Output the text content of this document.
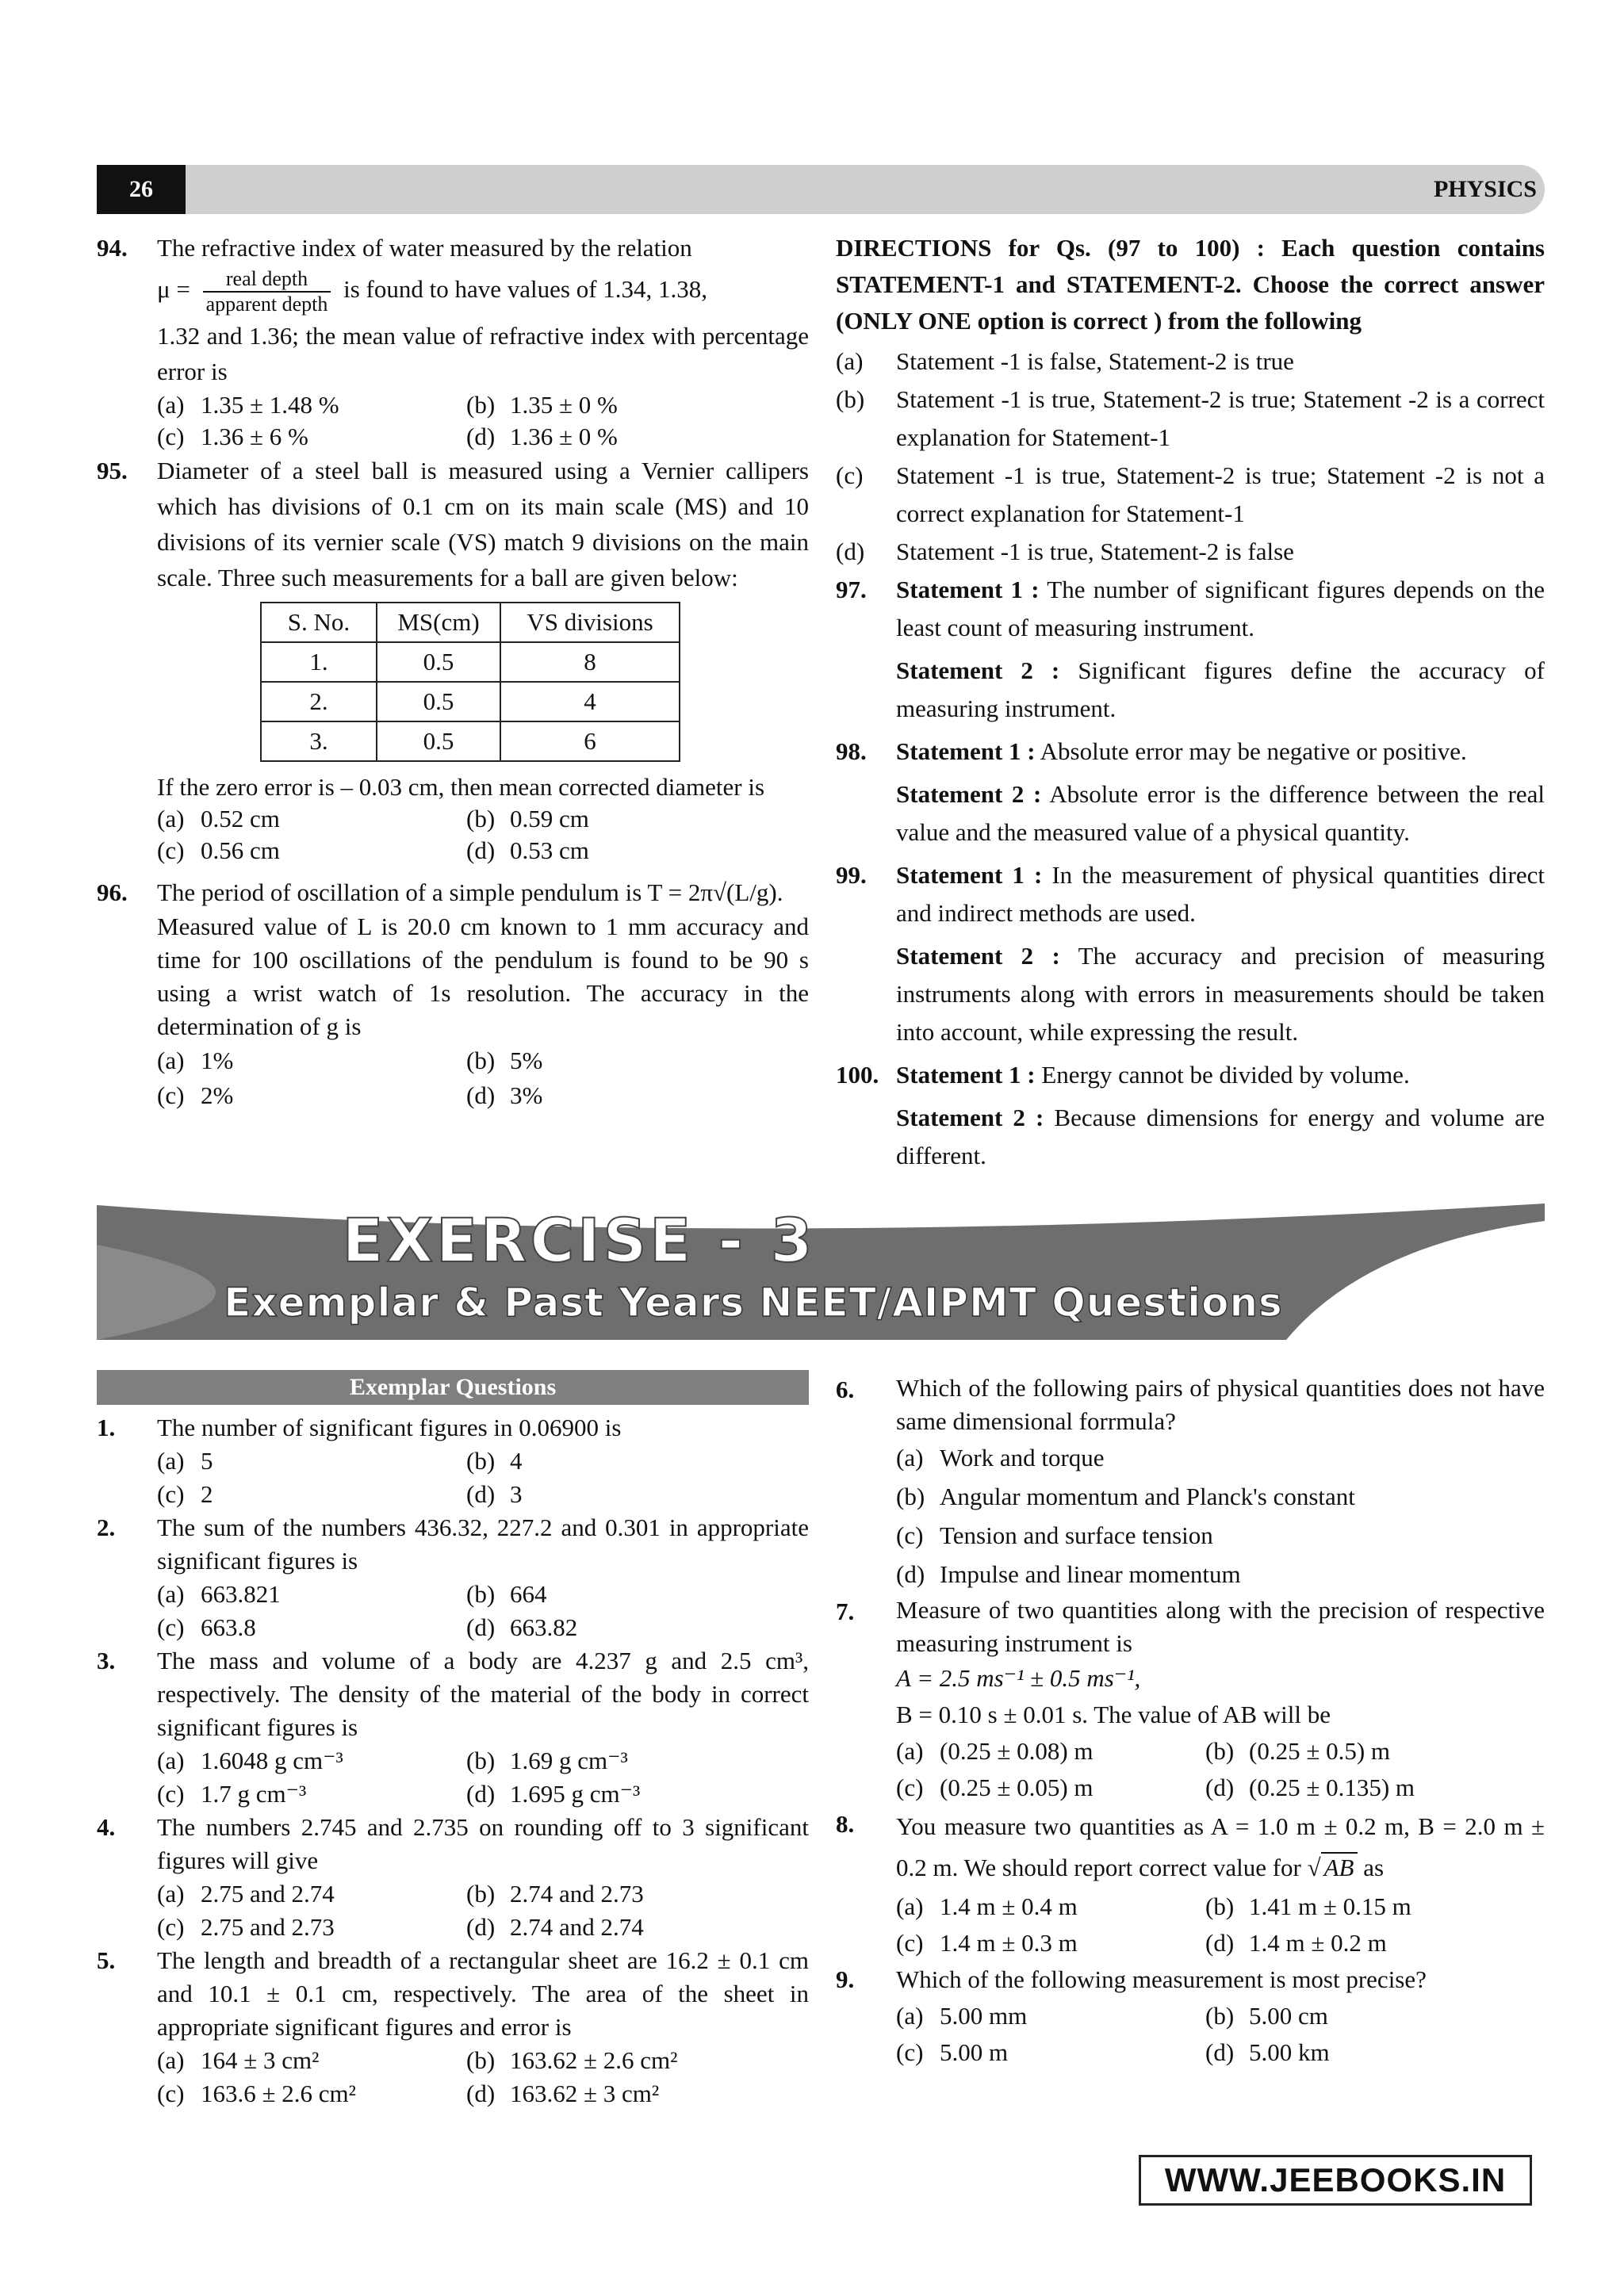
26	PHYSICS
94. The refractive index of water measured by the relation
$\mu = \frac{\text{real depth}}{\text{apparent depth}}$ is found to have values of 1.34, 1.38,
1.32 and 1.36; the mean value of refractive index with percentage error is
(a) 1.35 ± 1.48 %	(b) 1.35 ± 0 %
(c) 1.36 ± 6 %	(d) 1.36 ± 0 %
95. Diameter of a steel ball is measured using a Vernier callipers which has divisions of 0.1 cm on its main scale (MS) and 10 divisions of its vernier scale (VS) match 9 divisions on the main scale. Three such measurements for a ball are given below:
S. No.	MS(cm)	VS divisions
1.	0.5	8
2.	0.5	4
3.	0.5	6
If the zero error is – 0.03 cm, then mean corrected diameter is
(a) 0.52 cm	(b) 0.59 cm
(c) 0.56 cm	(d) 0.53 cm
96. The period of oscillation of a simple pendulum is T = 2π√(L/g).
Measured value of L is 20.0 cm known to 1 mm accuracy and time for 100 oscillations of the pendulum is found to be 90 s using a wrist watch of 1s resolution. The accuracy in the determination of g is
(a) 1%	(b) 5%
(c) 2%	(d) 3%
DIRECTIONS for Qs. (97 to 100) : Each question contains STATEMENT-1 and STATEMENT-2. Choose the correct answer (ONLY ONE option is correct ) from the following
(a) Statement -1 is false, Statement-2 is true
(b) Statement -1 is true, Statement-2 is true; Statement -2 is a correct explanation for Statement-1
(c) Statement -1 is true, Statement-2 is true; Statement -2 is not a correct explanation for Statement-1
(d) Statement -1 is true, Statement-2 is false
97. Statement 1 : The number of significant figures depends on the least count of measuring instrument.
Statement 2 : Significant figures define the accuracy of measuring instrument.
98. Statement 1 : Absolute error may be negative or positive.
Statement 2 : Absolute error is the difference between the real value and the measured value of a physical quantity.
99. Statement 1 : In the measurement of physical quantities direct and indirect methods are used.
Statement 2 : The accuracy and precision of measuring instruments along with errors in measurements should be taken into account, while expressing the result.
100. Statement 1 : Energy cannot be divided by volume.
Statement 2 : Because dimensions for energy and volume are different.
EXERCISE - 3
Exemplar & Past Years NEET/AIPMT Questions
Exemplar Questions
1. The number of significant figures in 0.06900 is
(a) 5	(b) 4
(c) 2	(d) 3
2. The sum of the numbers 436.32, 227.2 and 0.301 in appropriate significant figures is
(a) 663.821	(b) 664
(c) 663.8	(d) 663.82
3. The mass and volume of a body are 4.237 g and 2.5 cm³, respectively. The density of the material of the body in correct significant figures is
(a) 1.6048 g cm⁻³	(b) 1.69 g cm⁻³
(c) 1.7 g cm⁻³	(d) 1.695 g cm⁻³
4. The numbers 2.745 and 2.735 on rounding off to 3 significant figures will give
(a) 2.75 and 2.74	(b) 2.74 and 2.73
(c) 2.75 and 2.73	(d) 2.74 and 2.74
5. The length and breadth of a rectangular sheet are 16.2 ± 0.1 cm and 10.1 ± 0.1 cm, respectively. The area of the sheet in appropriate significant figures and error is
(a) 164 ± 3 cm²	(b) 163.62 ± 2.6 cm²
(c) 163.6 ± 2.6 cm²	(d) 163.62 ± 3 cm²
6. Which of the following pairs of physical quantities does not have same dimensional forrmula?
(a) Work and torque
(b) Angular momentum and Planck's constant
(c) Tension and surface tension
(d) Impulse and linear momentum
7. Measure of two quantities along with the precision of respective measuring instrument is
A = 2.5 ms⁻¹ ± 0.5 ms⁻¹,
B = 0.10 s ± 0.01 s. The value of AB will be
(a) (0.25 ± 0.08) m	(b) (0.25 ± 0.5) m
(c) (0.25 ± 0.05) m	(d) (0.25 ± 0.135) m
8. You measure two quantities as A = 1.0 m ± 0.2 m, B = 2.0 m ± 0.2 m. We should report correct value for √ AB as
(a) 1.4 m ± 0.4 m	(b) 1.41 m ± 0.15 m
(c) 1.4 m ± 0.3 m	(d) 1.4 m ± 0.2 m
9. Which of the following measurement is most precise?
(a) 5.00 mm	(b) 5.00 cm
(c) 5.00 m	(d) 5.00 km
WWW.JEEBOOKS.IN
